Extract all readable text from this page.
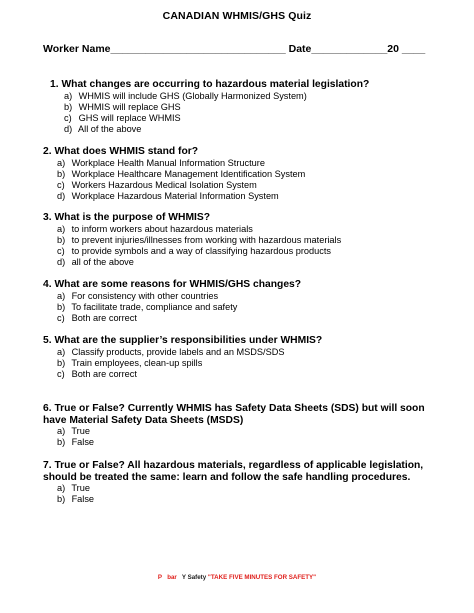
CANADIAN WHMIS/GHS Quiz
Worker Name______________________________ Date_____________20 ____
1. What changes are occurring to hazardous material legislation?
a) WHMIS will include GHS (Globally Harmonized System)
b) WHMIS will replace GHS
c) GHS will replace WHMIS
d) All of the above
2. What does WHMIS stand for?
a) Workplace Health Manual Information Structure
b) Workplace Healthcare Management Identification System
c) Workers Hazardous Medical Isolation System
d) Workplace Hazardous Material Information System
3. What is the purpose of WHMIS?
a) to inform workers about hazardous materials
b) to prevent injuries/illnesses from working with hazardous materials
c) to provide symbols and a way of classifying hazardous products
d) all of the above
4. What are some reasons for WHMIS/GHS changes?
a) For consistency with other countries
b) To facilitate trade, compliance and safety
c) Both are correct
5. What are the supplier’s responsibilities under WHMIS?
a) Classify products, provide labels and an MSDS/SDS
b) Train employees, clean-up spills
c) Both are correct
6. True or False? Currently WHMIS has Safety Data Sheets (SDS) but will soon have Material Safety Data Sheets (MSDS)
a) True
b) False
7. True or False? All hazardous materials, regardless of applicable legislation, should be treated the same: learn and follow the safe handling procedures.
a) True
b) False
P bar Y Safety "TAKE FIVE MINUTES FOR SAFETY"
